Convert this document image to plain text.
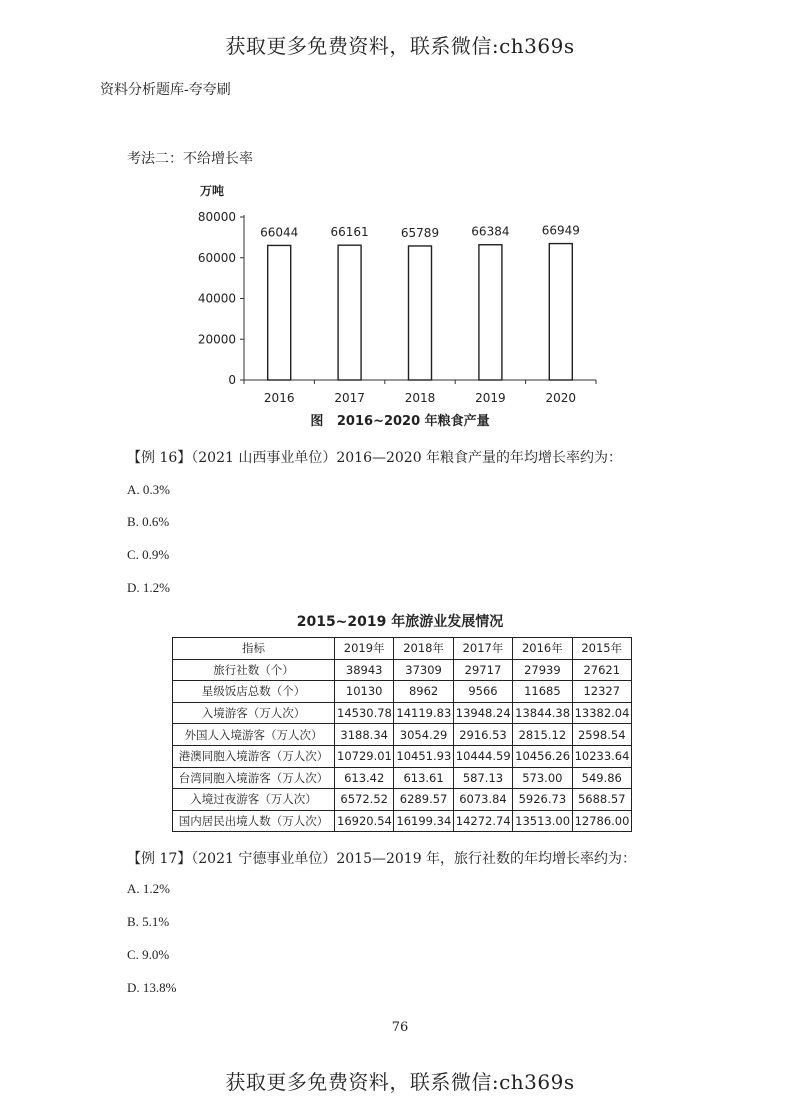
获取更多免费资料，联系微信:ch369s
资料分析题库-夸夸刷
考法二：不给增长率
万吨
0
20000
40000
60000
80000
66044
2016
66161
2017
65789
2018
66384
2019
66949
2020
图   2016~2020 年粮食产量
【例 16】（2021 山西事业单位）2016—2020 年粮食产量的年均增长率约为：
A. 0.3%
B. 0.6%
C. 0.9%
D. 1.2%
2015~2019 年旅游业发展情况
指标	2019年	2018年	2017年	2016年	2015年
旅行社数（个）	38943	37309	29717	27939	27621
星级饭店总数（个）	10130	8962	9566	11685	12327
入境游客（万人次）	14530.78	14119.83	13948.24	13844.38	13382.04
外国人入境游客（万人次）	3188.34	3054.29	2916.53	2815.12	2598.54
港澳同胞入境游客（万人次）	10729.01	10451.93	10444.59	10456.26	10233.64
台湾同胞入境游客（万人次）	613.42	613.61	587.13	573.00	549.86
入境过夜游客（万人次）	6572.52	6289.57	6073.84	5926.73	5688.57
国内居民出境人数（万人次）	16920.54	16199.34	14272.74	13513.00	12786.00
【例 17】（2021 宁德事业单位）2015—2019 年，旅行社数的年均增长率约为：
A. 1.2%
B. 5.1%
C. 9.0%
D. 13.8%
76
获取更多免费资料，联系微信:ch369s
